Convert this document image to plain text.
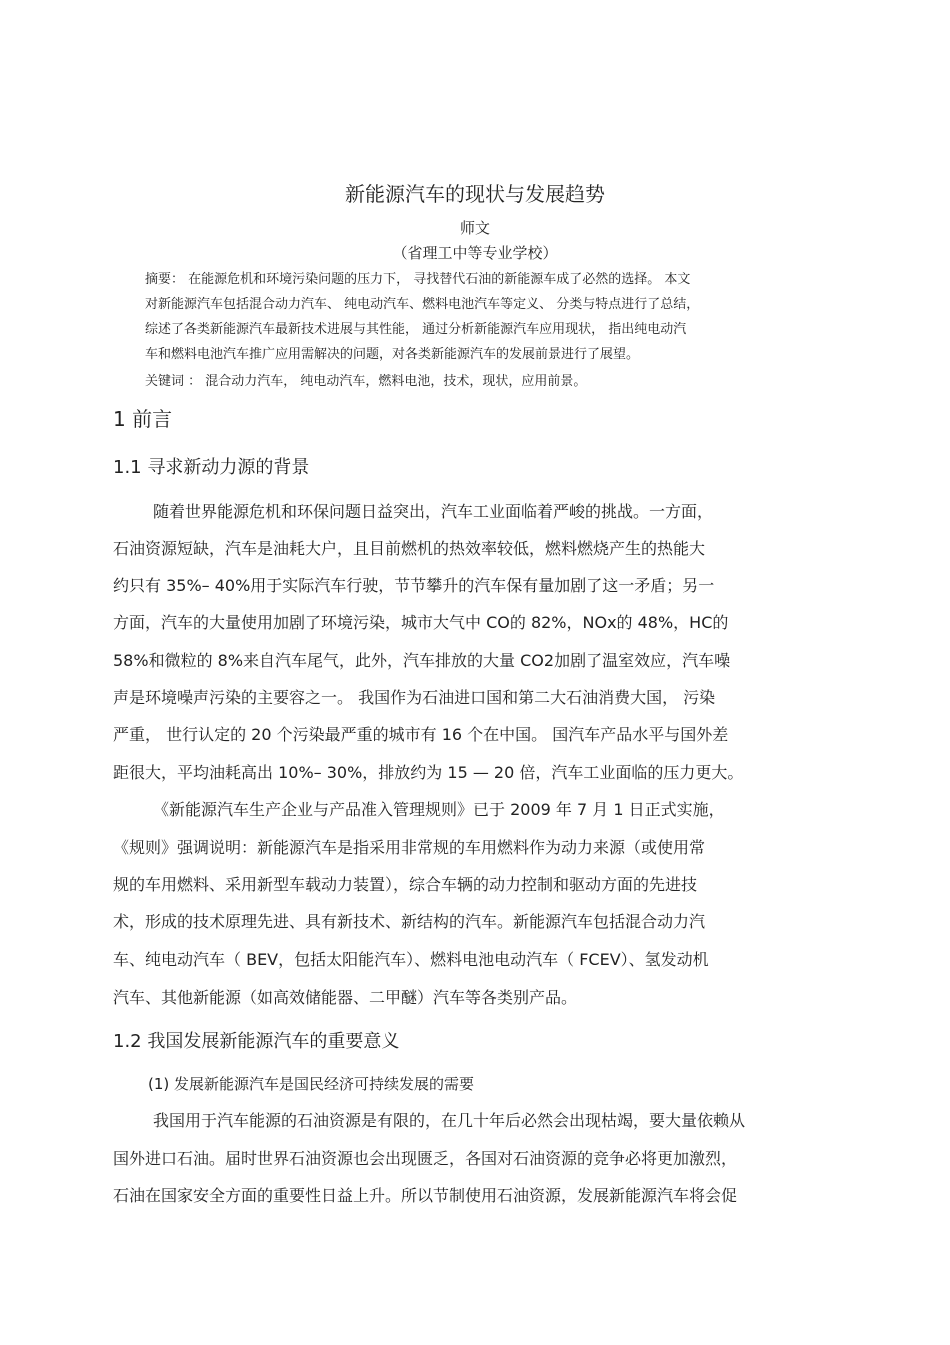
新能源汽车的现状与发展趋势
师文
（省理工中等专业学校）
摘要： 在能源危机和环境污染问题的压力下， 寻找替代石油的新能源车成了必然的选择。 本文
对新能源汽车包括混合动力汽车、 纯电动汽车、燃料电池汽车等定义、 分类与特点进行了总结，
综述了各类新能源汽车最新技术进展与其性能， 通过分析新能源汽车应用现状， 指出纯电动汽
车和燃料电池汽车推广应用需解决的问题，对各类新能源汽车的发展前景进行了展望。
关键词 ： 混合动力汽车， 纯电动汽车，燃料电池，技术，现状，应用前景。
1 前言
1.1 寻求新动力源的背景
随着世界能源危机和环保问题日益突出，汽车工业面临着严峻的挑战。一方面，
石油资源短缺，汽车是油耗大户，且目前燃机的热效率较低，燃料燃烧产生的热能大
约只有 35%– 40%用于实际汽车行驶，节节攀升的汽车保有量加剧了这一矛盾；另一
方面，汽车的大量使用加剧了环境污染，城市大气中 CO的 82%，NOx的 48%，HC的
58%和微粒的 8%来自汽车尾气，此外，汽车排放的大量 CO2加剧了温室效应，汽车噪
声是环境噪声污染的主要容之一。 我国作为石油进口国和第二大石油消费大国， 污染
严重， 世行认定的 20 个污染最严重的城市有 16 个在中国。 国汽车产品水平与国外差
距很大，平均油耗高出 10%– 30%，排放约为 15 — 20 倍，汽车工业面临的压力更大。
《新能源汽车生产企业与产品准入管理规则》已于 2009 年 7 月 1 日正式实施，
《规则》强调说明：新能源汽车是指采用非常规的车用燃料作为动力来源（或使用常
规的车用燃料、采用新型车载动力装置），综合车辆的动力控制和驱动方面的先进技
术，形成的技术原理先进、具有新技术、新结构的汽车。新能源汽车包括混合动力汽
车、纯电动汽车（ BEV，包括太阳能汽车）、燃料电池电动汽车（ FCEV）、氢发动机
汽车、其他新能源（如高效储能器、二甲醚）汽车等各类别产品。
1.2 我国发展新能源汽车的重要意义
(1) 发展新能源汽车是国民经济可持续发展的需要
我国用于汽车能源的石油资源是有限的，在几十年后必然会出现枯竭，要大量依赖从
国外进口石油。届时世界石油资源也会出现匮乏，各国对石油资源的竞争必将更加激烈，
石油在国家安全方面的重要性日益上升。所以节制使用石油资源，发展新能源汽车将会促
